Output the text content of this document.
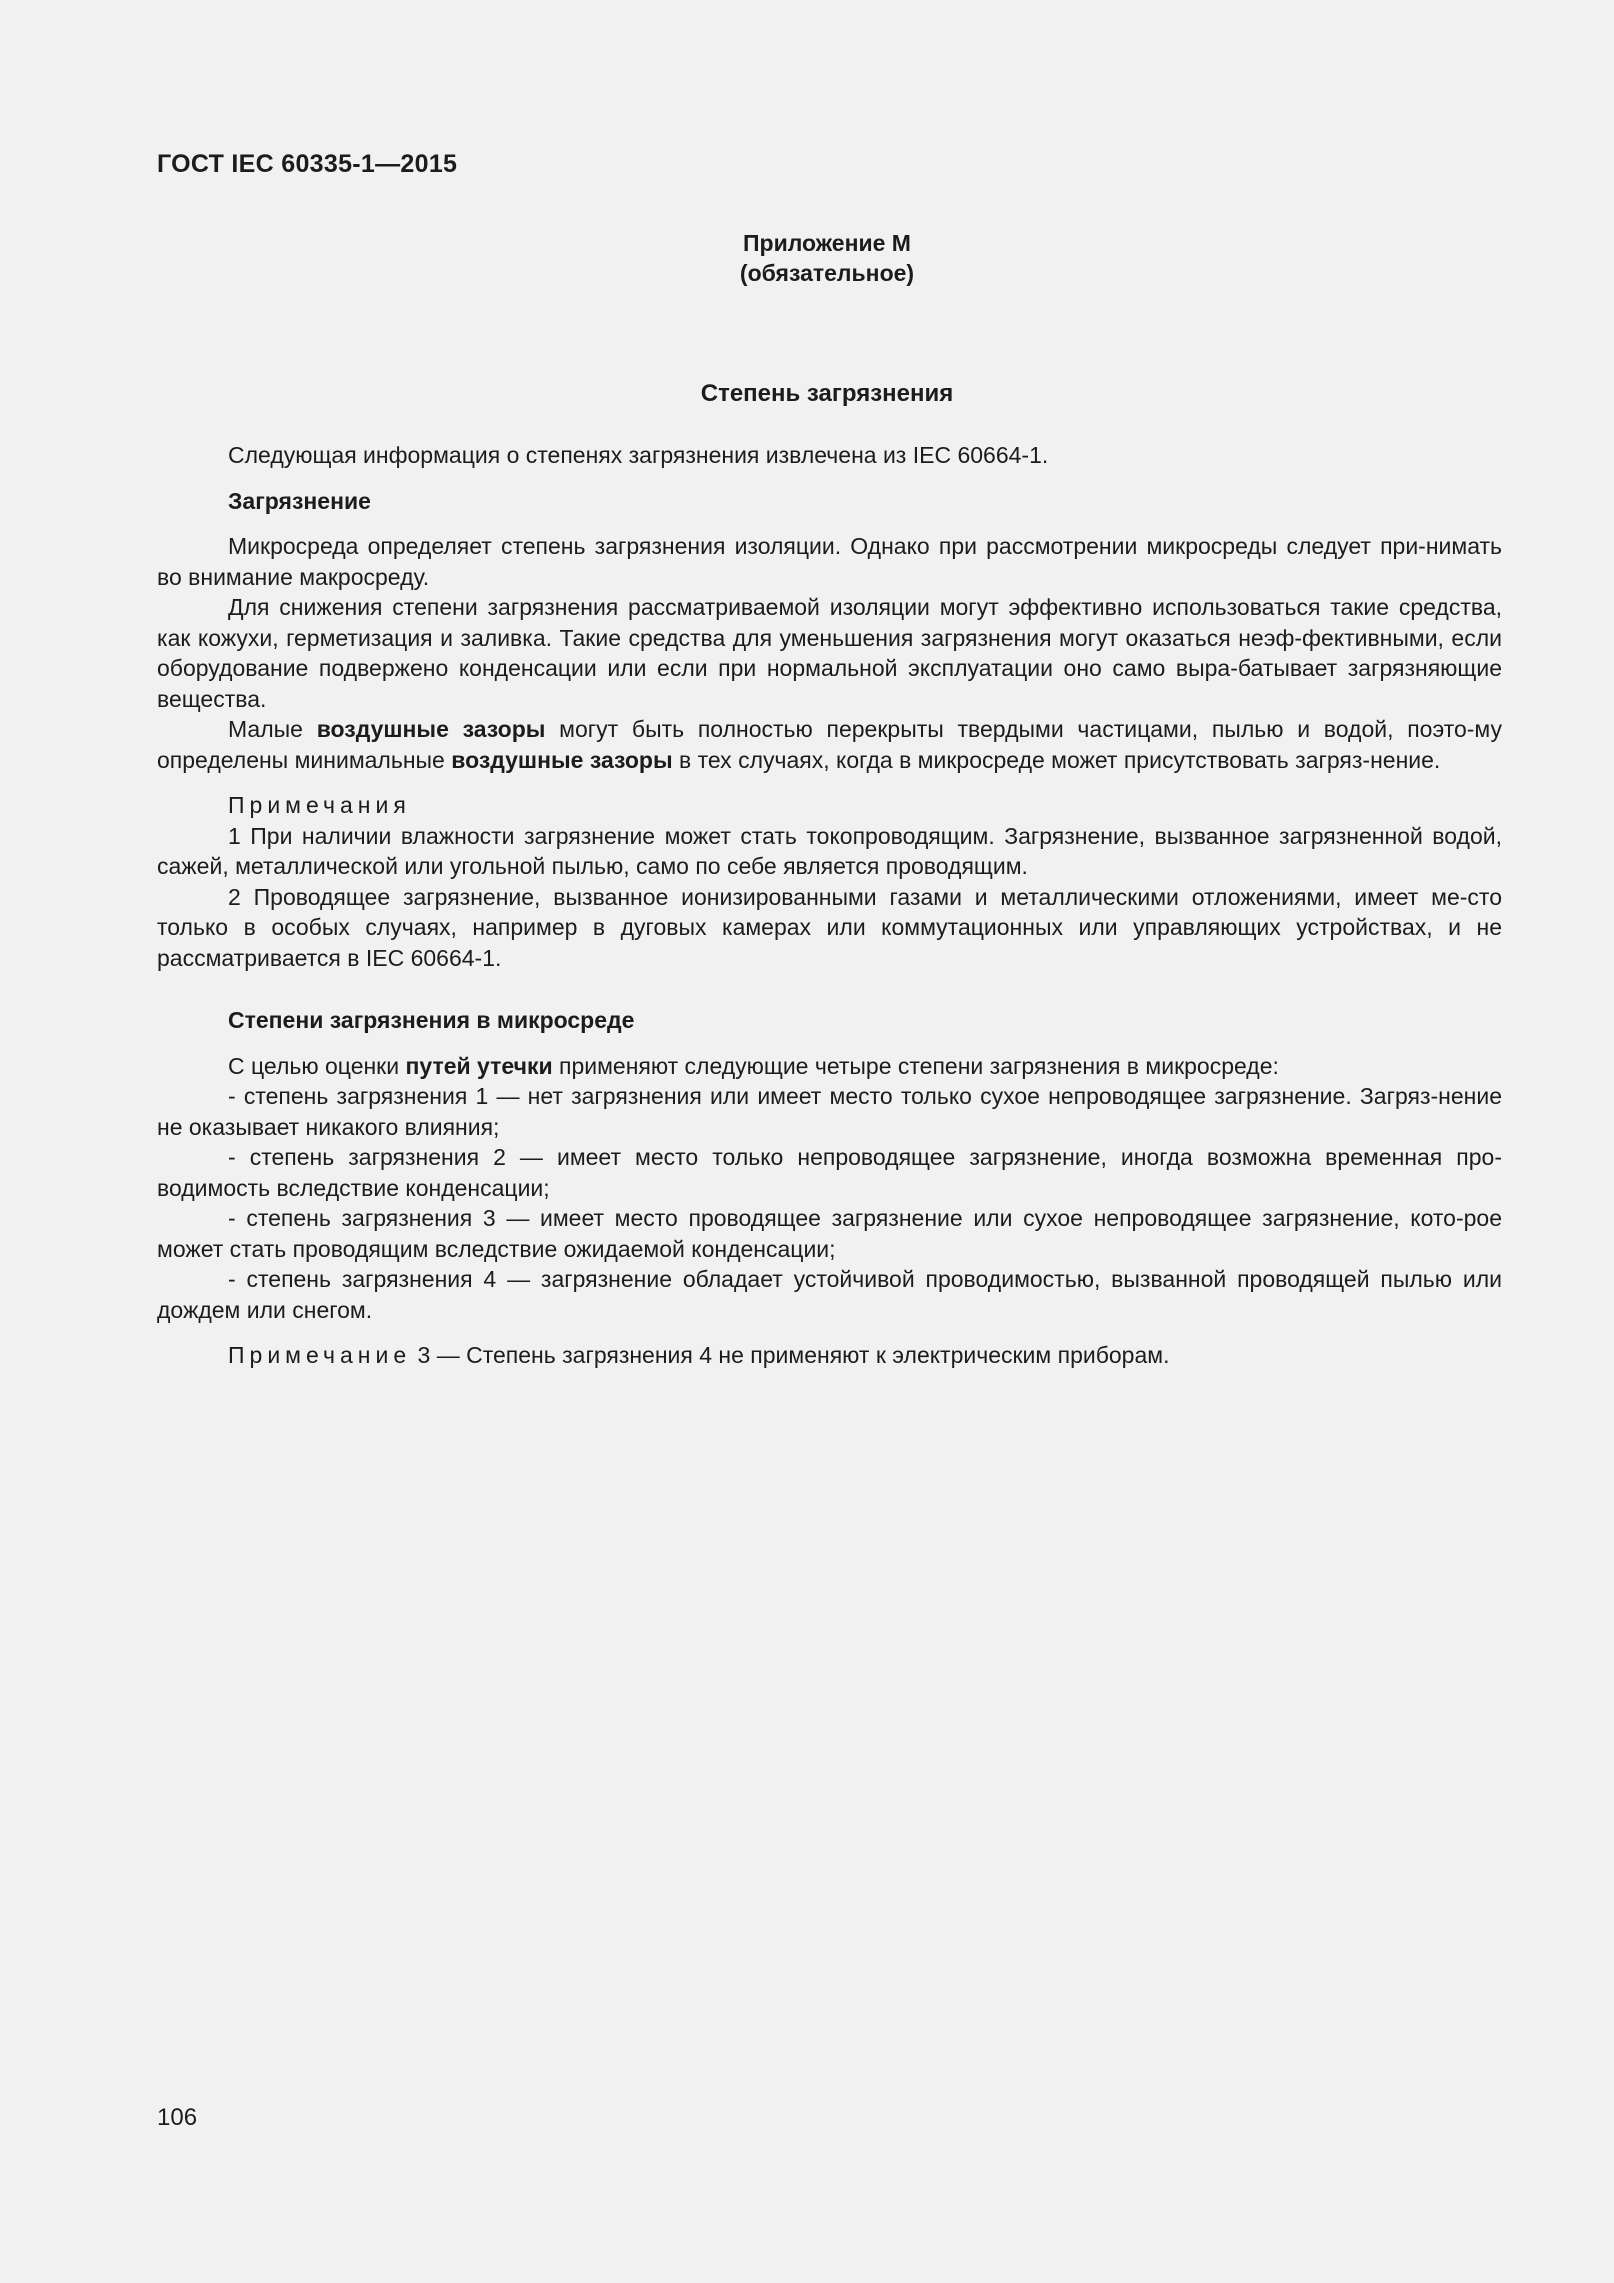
ГОСТ IEC 60335-1—2015
Приложение М
(обязательное)
Степень загрязнения

Следующая информация о степенях загрязнения извлечена из IEC 60664-1.

Загрязнение

Микросреда определяет степень загрязнения изоляции. Однако при рассмотрении микросреды следует при-нимать во внимание макросреду.

Для снижения степени загрязнения рассматриваемой изоляции могут эффективно использоваться такие средства, как кожухи, герметизация и заливка. Такие средства для уменьшения загрязнения могут оказаться неэф-фективными, если оборудование подвержено конденсации или если при нормальной эксплуатации оно само выра-батывает загрязняющие вещества.

Малые воздушные зазоры могут быть полностью перекрыты твердыми частицами, пылью и водой, поэто-му определены минимальные воздушные зазоры в тех случаях, когда в микросреде может присутствовать загряз-нение.

Примечания

1 При наличии влажности загрязнение может стать токопроводящим. Загрязнение, вызванное загрязненной водой, сажей, металлической или угольной пылью, само по себе является проводящим.

2 Проводящее загрязнение, вызванное ионизированными газами и металлическими отложениями, имеет ме-сто только в особых случаях, например в дуговых камерах или коммутационных или управляющих устройствах, и не рассматривается в IEC 60664-1.

Степени загрязнения в микросреде

С целью оценки путей утечки применяют следующие четыре степени загрязнения в микросреде:

- степень загрязнения 1 — нет загрязнения или имеет место только сухое непроводящее загрязнение. Загряз-нение не оказывает никакого влияния;

- степень загрязнения 2 — имеет место только непроводящее загрязнение, иногда возможна временная про-водимость вследствие конденсации;

- степень загрязнения 3 — имеет место проводящее загрязнение или сухое непроводящее загрязнение, кото-рое может стать проводящим вследствие ожидаемой конденсации;

- степень загрязнения 4 — загрязнение обладает устойчивой проводимостью, вызванной проводящей пылью или дождем или снегом.

Примечание 3 — Степень загрязнения 4 не применяют к электрическим приборам.

106
